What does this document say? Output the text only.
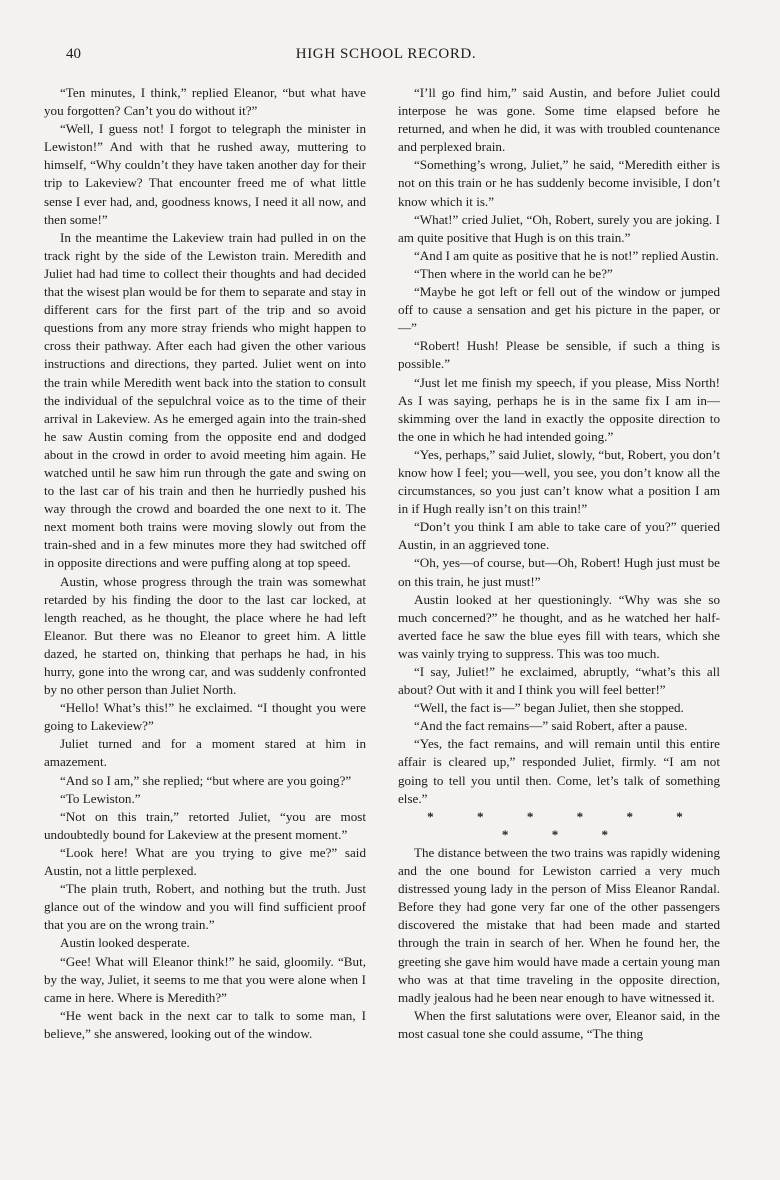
40	HIGH SCHOOL RECORD.

“Ten minutes, I think,” replied Eleanor, “but what have you forgotten? Can’t you do without it?”

“Well, I guess not! I forgot to telegraph the minister in Lewiston!” And with that he rushed away, muttering to himself, “Why couldn’t they have taken another day for their trip to Lakeview? That encounter freed me of what little sense I ever had, and, goodness knows, I need it all now, and then some!”

In the meantime the Lakeview train had pulled in on the track right by the side of the Lewiston train. Meredith and Juliet had had time to collect their thoughts and had decided that the wisest plan would be for them to separate and stay in different cars for the first part of the trip and so avoid questions from any more stray friends who might happen to cross their pathway. After each had given the other various instructions and directions, they parted. Juliet went on into the train while Meredith went back into the station to consult the individual of the sepulchral voice as to the time of their arrival in Lakeview. As he emerged again into the train-shed he saw Austin coming from the opposite end and dodged about in the crowd in order to avoid meeting him again. He watched until he saw him run through the gate and swing on to the last car of his train and then he hurriedly pushed his way through the crowd and boarded the one next to it. The next moment both trains were moving slowly out from the train-shed and in a few minutes more they had switched off in opposite directions and were puffing along at top speed.

Austin, whose progress through the train was somewhat retarded by his finding the door to the last car locked, at length reached, as he thought, the place where he had left Eleanor. But there was no Eleanor to greet him. A little dazed, he started on, thinking that perhaps he had, in his hurry, gone into the wrong car, and was suddenly confronted by no other person than Juliet North.

“Hello! What’s this!” he exclaimed. “I thought you were going to Lakeview?”

Juliet turned and for a moment stared at him in amazement.

“And so I am,” she replied; “but where are you going?”

“To Lewiston.”

“Not on this train,” retorted Juliet, “you are most undoubtedly bound for Lakeview at the present moment.”

“Look here! What are you trying to give me?” said Austin, not a little perplexed.

“The plain truth, Robert, and nothing but the truth. Just glance out of the window and you will find sufficient proof that you are on the wrong train.”

Austin looked desperate.

“Gee! What will Eleanor think!” he said, gloomily. “But, by the way, Juliet, it seems to me that you were alone when I came in here. Where is Meredith?”

“He went back in the next car to talk to some man, I believe,” she answered, looking out of the window.

“I’ll go find him,” said Austin, and before Juliet could interpose he was gone. Some time elapsed before he returned, and when he did, it was with troubled countenance and perplexed brain.

“Something’s wrong, Juliet,” he said, “Meredith either is not on this train or he has suddenly become invisible, I don’t know which it is.”

“What!” cried Juliet, “Oh, Robert, surely you are joking. I am quite positive that Hugh is on this train.”

“And I am quite as positive that he is not!” replied Austin.

“Then where in the world can he be?”

“Maybe he got left or fell out of the window or jumped off to cause a sensation and get his picture in the paper, or—”

“Robert! Hush! Please be sensible, if such a thing is possible.”

“Just let me finish my speech, if you please, Miss North! As I was saying, perhaps he is in the same fix I am in—skimming over the land in exactly the opposite direction to the one in which he had intended going.”

“Yes, perhaps,” said Juliet, slowly, “but, Robert, you don’t know how I feel; you—well, you see, you don’t know all the circumstances, so you just can’t know what a position I am in if Hugh really isn’t on this train!”

“Don’t you think I am able to take care of you?” queried Austin, in an aggrieved tone.

“Oh, yes—of course, but—Oh, Robert! Hugh just must be on this train, he just must!”

Austin looked at her questioningly. “Why was she so much concerned?” he thought, and as he watched her half-averted face he saw the blue eyes fill with tears, which she was vainly trying to suppress. This was too much.

“I say, Juliet!” he exclaimed, abruptly, “what’s this all about? Out with it and I think you will feel better!”

“Well, the fact is—” began Juliet, then she stopped.

“And the fact remains—” said Robert, after a pause.

“Yes, the fact remains, and will remain until this entire affair is cleared up,” responded Juliet, firmly. “I am not going to tell you until then. Come, let’s talk of something else.”

* * * * * * * * *

The distance between the two trains was rapidly widening and the one bound for Lewiston carried a very much distressed young lady in the person of Miss Eleanor Randal. Before they had gone very far one of the other passengers discovered the mistake that had been made and started through the train in search of her. When he found her, the greeting she gave him would have made a certain young man who was at that time traveling in the opposite direction, madly jealous had he been near enough to have witnessed it.

When the first salutations were over, Eleanor said, in the most casual tone she could assume, “The thing
